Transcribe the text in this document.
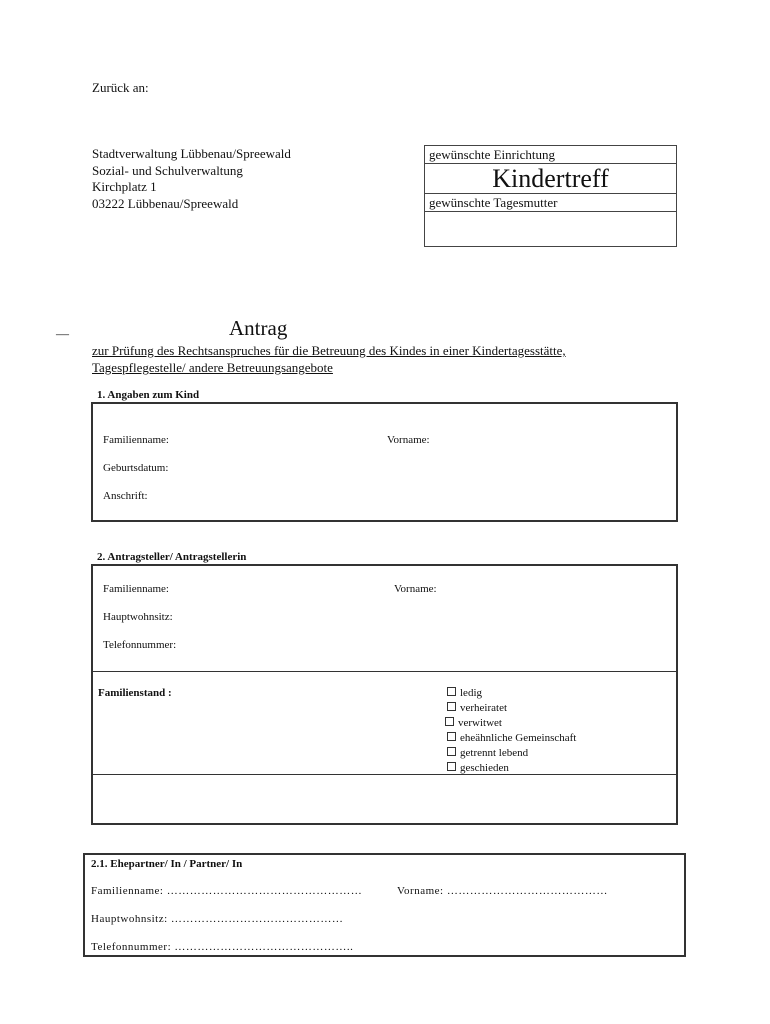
Zurück an:
Stadtverwaltung Lübbenau/Spreewald
Sozial- und Schulverwaltung
Kirchplatz 1
03222 Lübbenau/Spreewald
gewünschte Einrichtung
Kindertreff
gewünschte Tagesmutter
—	Antrag
zur Prüfung des Rechtsanspruches für die Betreuung des Kindes in einer Kindertagesstätte,
Tagespflegestelle/ andere Betreuungsangebote
1. Angaben zum Kind
Familienname:	Vorname:
Geburtsdatum:
Anschrift:
2. Antragsteller/ Antragstellerin
Familienname:	Vorname:
Hauptwohnsitz:
Telefonnummer:
Familienstand :	ledig
verheiratet
verwitwet
eheähnliche Gemeinschaft
getrennt lebend
geschieden
2.1. Ehepartner/ In / Partner/ In
Familienname: ……………………………………………	Vorname: ……………………………………
Hauptwohnsitz: ………………………………………
Telefonnummer: ………………………………………..
